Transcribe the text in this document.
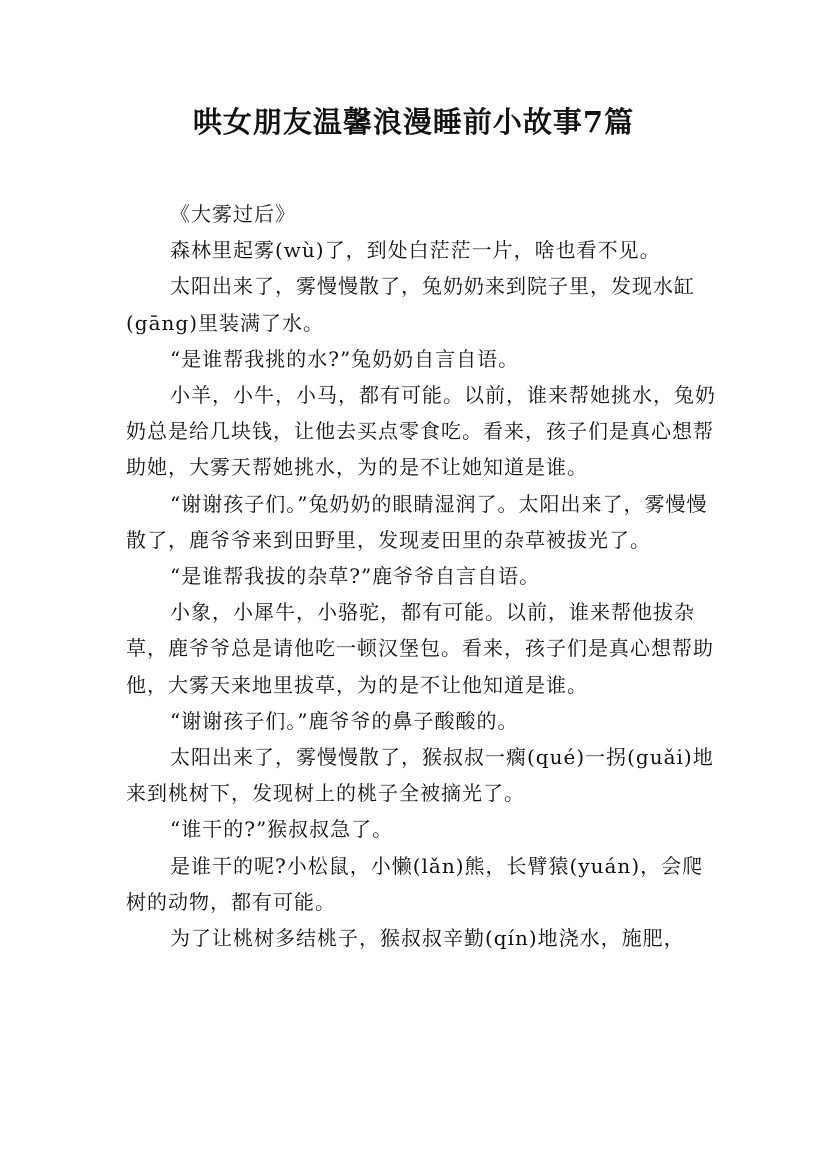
哄女朋友温馨浪漫睡前小故事7篇

《大雾过后》

森林里起雾(wù)了，到处白茫茫一片，啥也看不见。

太阳出来了，雾慢慢散了，兔奶奶来到院子里，发现水缸(gāng)里装满了水。

“是谁帮我挑的水?”兔奶奶自言自语。

小羊，小牛，小马，都有可能。以前，谁来帮她挑水，兔奶奶总是给几块钱，让他去买点零食吃。看来，孩子们是真心想帮助她，大雾天帮她挑水，为的是不让她知道是谁。

“谢谢孩子们。”兔奶奶的眼睛湿润了。太阳出来了，雾慢慢散了，鹿爷爷来到田野里，发现麦田里的杂草被拔光了。

“是谁帮我拔的杂草?”鹿爷爷自言自语。

小象，小犀牛，小骆驼，都有可能。以前，谁来帮他拔杂草，鹿爷爷总是请他吃一顿汉堡包。看来，孩子们是真心想帮助他，大雾天来地里拔草，为的是不让他知道是谁。

“谢谢孩子们。”鹿爷爷的鼻子酸酸的。

太阳出来了，雾慢慢散了，猴叔叔一瘸(qué)一拐(guǎi)地来到桃树下，发现树上的桃子全被摘光了。

“谁干的?”猴叔叔急了。

是谁干的呢?小松鼠，小懒(lǎn)熊，长臂猿(yuán)，会爬树的动物，都有可能。

为了让桃树多结桃子，猴叔叔辛勤(qín)地浇水，施肥，
